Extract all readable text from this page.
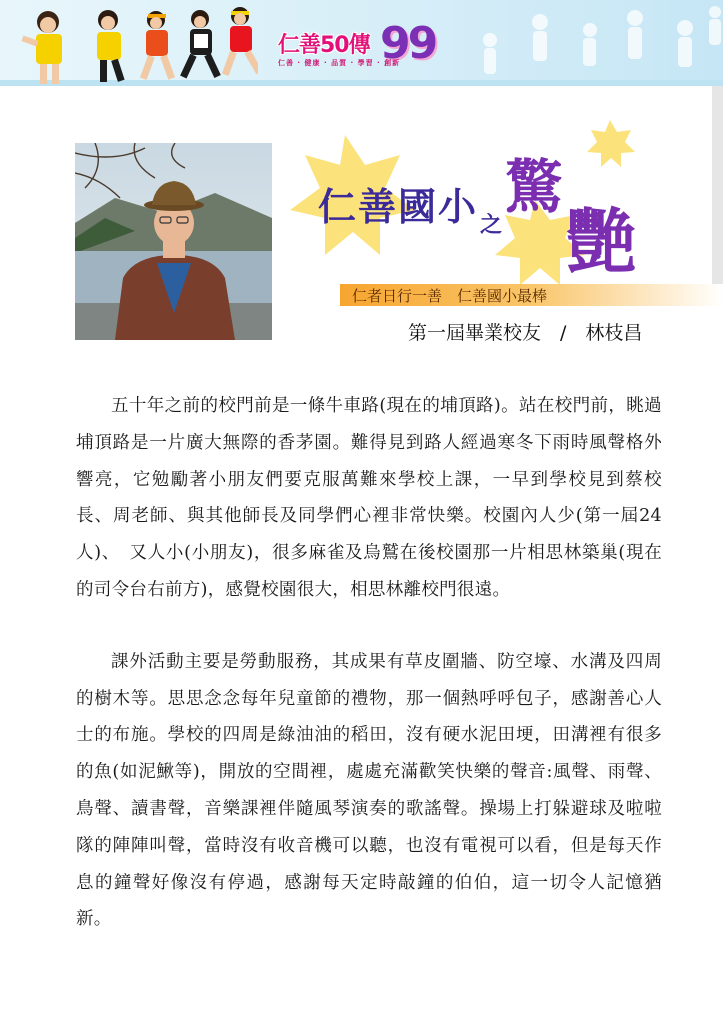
仁善50傳 99
仁善 · 健康 · 品質 · 學習 · 創新
仁善國小 之
驚
艷
仁者日行一善　仁善國小最棒
第一屆畢業校友　/　林枝昌

五十年之前的校門前是一條牛車路(現在的埔頂路)。站在校門前，眺過埔頂路是一片廣大無際的香茅園。難得見到路人經過寒冬下雨時風聲格外響亮，它勉勵著小朋友們要克服萬難來學校上課，一早到學校見到蔡校長、周老師、與其他師長及同學們心裡非常快樂。校園內人少(第一屆24人)、　又人小(小朋友)，很多麻雀及烏鷲在後校園那一片相思林築巢(現在的司令台右前方)，感覺校園很大，相思林離校門很遠。

課外活動主要是勞動服務，其成果有草皮圍牆、防空壕、水溝及四周的樹木等。思思念念每年兒童節的禮物，那一個熱呼呼包子，感謝善心人士的布施。學校的四周是綠油油的稻田，沒有硬水泥田埂，田溝裡有很多的魚(如泥鰍等)，開放的空間裡，處處充滿歡笑快樂的聲音:風聲、雨聲、鳥聲、讀書聲，音樂課裡伴隨風琴演奏的歌謠聲。操場上打躲避球及啦啦隊的陣陣叫聲，當時沒有收音機可以聽，也沒有電視可以看，但是每天作息的鐘聲好像沒有停過，感謝每天定時敲鐘的伯伯，這一切令人記憶猶新。
